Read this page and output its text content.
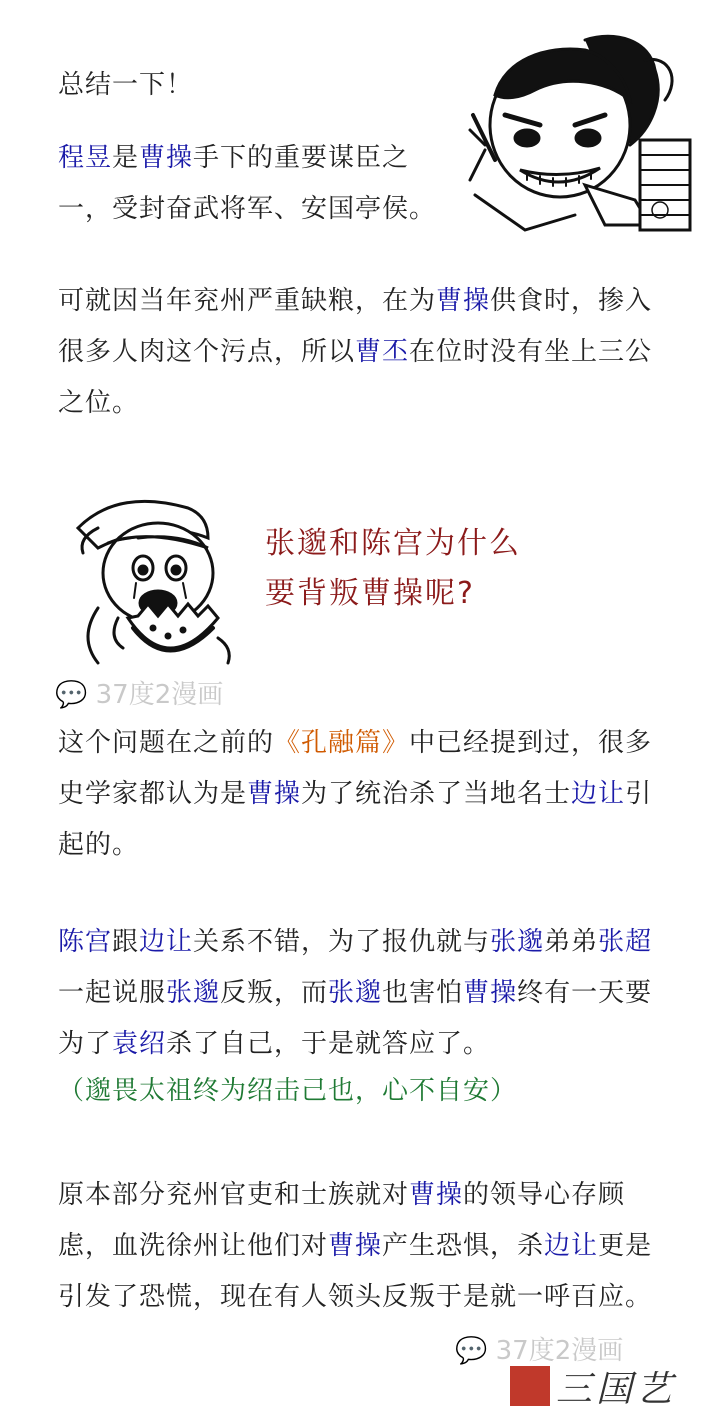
总结一下！
程昱是曹操手下的重要谋臣之一，受封奋武将军、安国亭侯。
可就因当年兖州严重缺粮，在为曹操供食时，掺入很多人肉这个污点，所以曹丕在位时没有坐上三公之位。
张邈和陈宫为什么
要背叛曹操呢?
💬 37度2漫画
这个问题在之前的《孔融篇》中已经提到过，很多史学家都认为是曹操为了统治杀了当地名士边让引起的。
陈宫跟边让关系不错，为了报仇就与张邈弟弟张超一起说服张邈反叛，而张邈也害怕曹操终有一天要为了袁绍杀了自己，于是就答应了。
（邈畏太祖终为绍击己也，心不自安）
原本部分兖州官吏和士族就对曹操的领导心存顾虑，血洗徐州让他们对曹操产生恐惧，杀边让更是引发了恐慌，现在有人领头反叛于是就一呼百应。
💬 37度2漫画
三国艺
